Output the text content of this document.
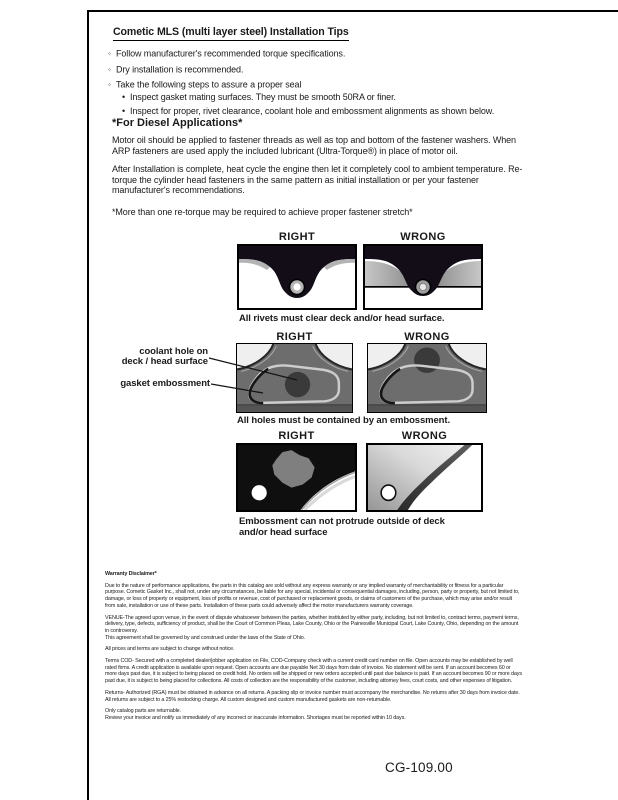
Cometic MLS (multi layer steel) Installation Tips
◦ Follow manufacturer's recommended torque specifications.
◦ Dry installation is recommended.
◦ Take the following steps to assure a proper seal
• Inspect gasket mating surfaces. They must be smooth 50RA or finer.
• Inspect for proper, rivet clearance, coolant hole and embossment alignments as shown below.
*For Diesel Applications*
Motor oil should be applied to fastener threads as well as top and bottom of the fastener washers. When ARP fasteners are used apply the included lubricant (Ultra-Torque®) in place of motor oil.
After Installation is complete, heat cycle the engine then let it completely cool to ambient temperature. Re-torque the cylinder head fasteners in the same pattern as initial installation or per your fastener manufacturer's recommendations.
*More than one re-torque may be required to achieve proper fastener stretch*
RIGHT	WRONG
All rivets must clear deck and/or head surface.
RIGHT	WRONG
coolant hole on
deck / head surface
gasket embossment
All holes must be contained by an embossment.
RIGHT	WRONG
Embossment can not protrude outside of deck and/or head surface
Warranty Disclaimer*

Due to the nature of performance applications, the parts in this catalog are sold without any express warranty or any implied warranty of merchantability or fitness for a particular purpose. Cometic Gasket Inc., shall not, under any circumstances, be liable for any special, incidental or consequential damages, including, person, party or property, but not limited to, damage, or loss of property or equipment, loss of profits or revenue, cost of purchased or replacement goods, or claims of customers of the purchase, which may arise and/or result from sale, installation or use of these parts. Installation of these parts could adversely affect the motor manufacturers warranty coverage.

VENUE-The agreed upon venue, in the event of dispute whatsoever between the parties, whether instituted by either party, including, but not limited to, contract terms, payment terms, delivery, type, defects, sufficiency of product, shall be the Court of Common Pleas, Lake County, Ohio or the Painesville Municipal Court, Lake County, Ohio, depending on the amount in controversy.
This agreement shall be governed by and construed under the laws of the State of Ohio.

All prices and terms are subject to change without notice.

Terms COD- Secured with a completed dealer/jobber application on File, COD-Company check with a current credit card number on file. Open accounts may be established by well rated firms. A credit application is available upon request. Open accounts are due payable Net 30 days from date of invoice. No statement will be sent. If an account becomes 60 or more days past due, it is subject to being placed on credit hold. No orders will be shipped or new orders accepted until past due balance is paid. If an account becomes 90 or more days past due, it is subject to being placed for collections. All costs of collection are the responsibility of the customer, including attorney fees, court costs, and other expenses of litigation.

Returns- Authorized (RGA) must be obtained in advance on all returns. A packing slip or invoice number must accompany the merchandise. No returns after 30 days from invoice date. All returns are subject to a 25% restocking charge. All custom designed and custom manufactured gaskets are non-returnable.

Only catalog parts are returnable.
Review your invoice and notify us immediately of any incorrect or inaccurate information. Shortages must be reported within 10 days.

CG-109.00
